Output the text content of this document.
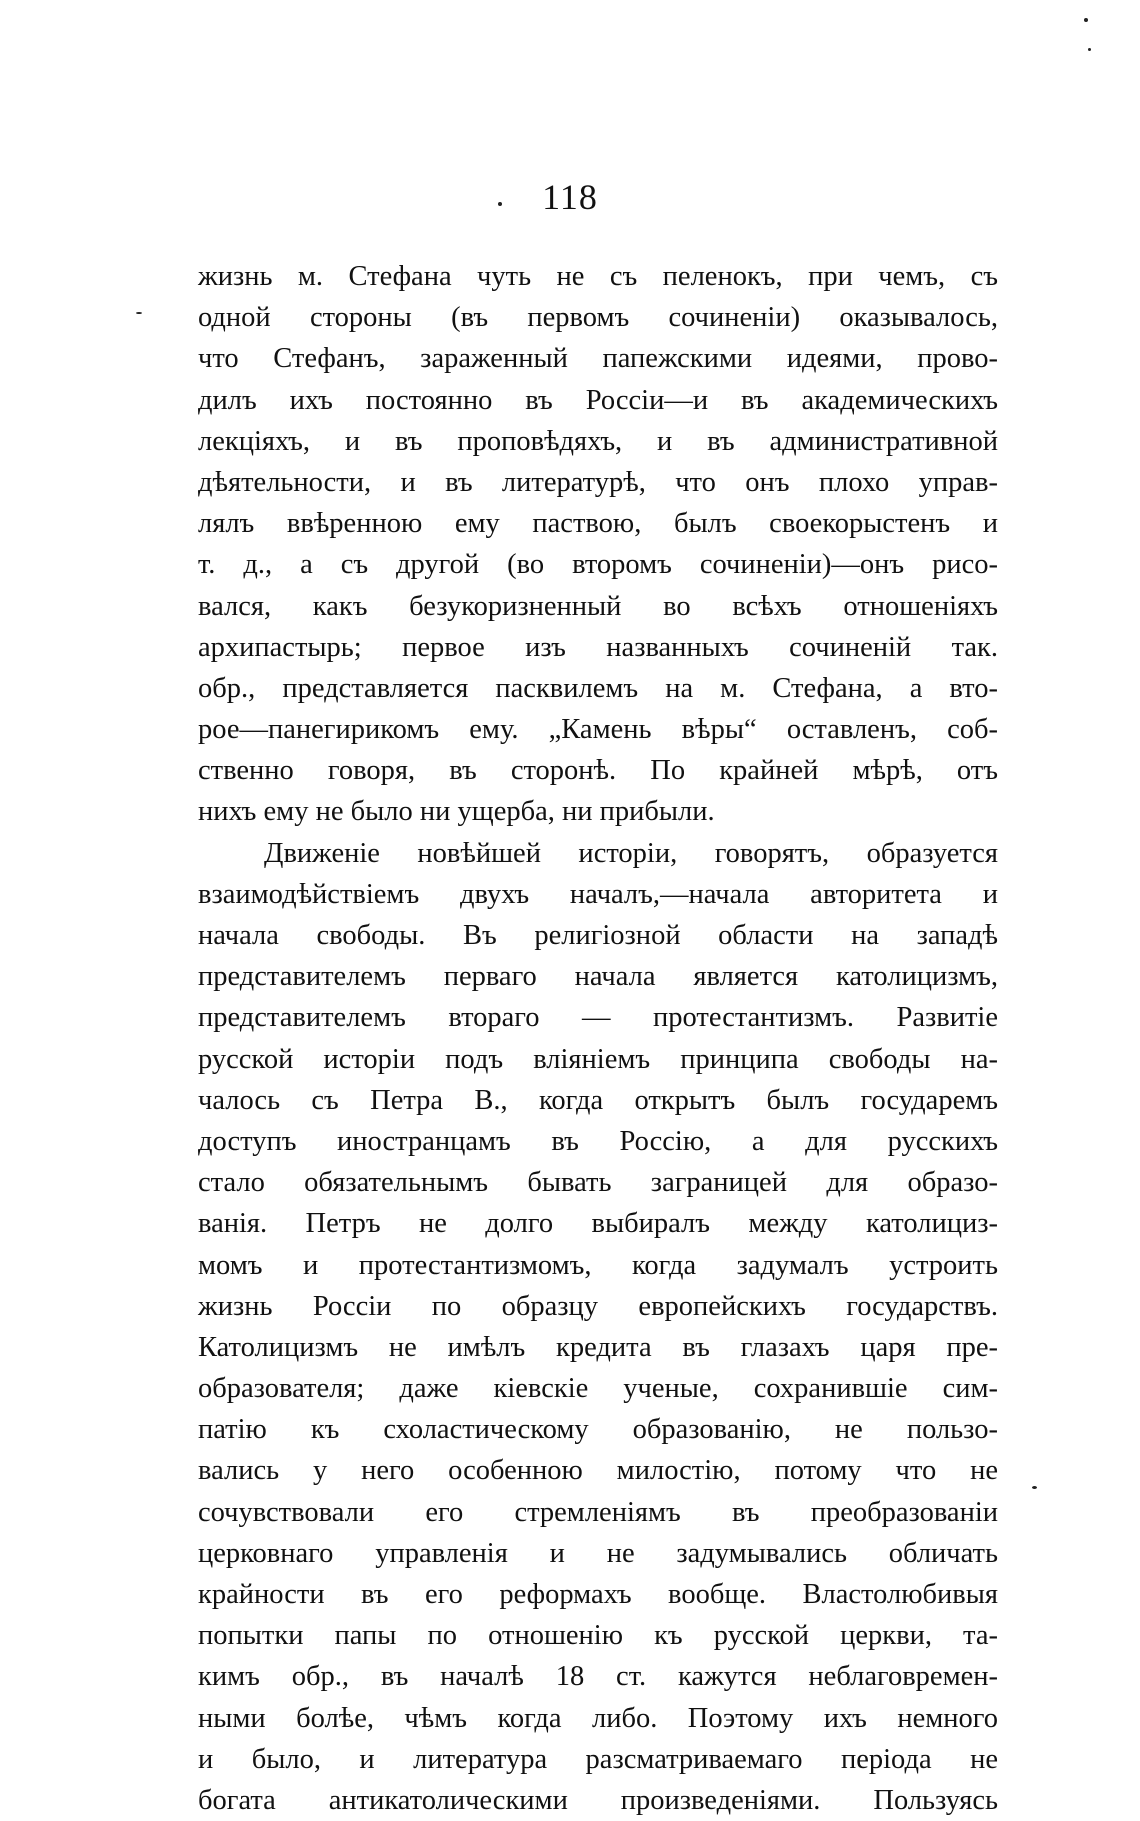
118
жизнь м. Стефана чуть не съ пеленокъ, при чемъ, съ
одной стороны (въ первомъ сочиненіи) оказывалось,
что Стефанъ, зараженный папежскими идеями, прово-
дилъ ихъ постоянно въ Россіи—и въ академическихъ
лекціяхъ, и въ проповѣдяхъ, и въ административной
дѣятельности, и въ литературѣ, что онъ плохо управ-
лялъ ввѣренною ему паствою, былъ своекорыстенъ и
т. д., а съ другой (во второмъ сочиненіи)—онъ рисо-
вался, какъ безукоризненный во всѣхъ отношеніяхъ
архипастырь; первое изъ названныхъ сочиненій так.
обр., представляется пасквилемъ на м. Стефана, а вто-
рое—панегирикомъ ему. „Камень вѣры“ оставленъ, соб-
ственно говоря, въ сторонѣ. По крайней мѣрѣ, отъ
нихъ ему не было ни ущерба, ни прибыли.
Движеніе новѣйшей исторіи, говорятъ, образуется
взаимодѣйствіемъ двухъ началъ,—начала авторитета и
начала свободы. Въ религіозной области на западѣ
представителемъ перваго начала является католицизмъ,
представителемъ втораго — протестантизмъ. Развитіе
русской исторіи подъ вліяніемъ принципа свободы на-
чалось съ Петра В., когда открытъ былъ государемъ
доступъ иностранцамъ въ Россію, а для русскихъ
стало обязательнымъ бывать заграницей для образо-
ванія. Петръ не долго выбиралъ между католициз-
момъ и протестантизмомъ, когда задумалъ устроить
жизнь Россіи по образцу европейскихъ государствъ.
Католицизмъ не имѣлъ кредита въ глазахъ царя пре-
образователя; даже кіевскіе ученые, сохранившіе сим-
патію къ схоластическому образованію, не пользо-
вались у него особенною милостію, потому что не
сочувствовали его стремленіямъ въ преобразованіи
церковнаго управленія и не задумывались обличать
крайности въ его реформахъ вообще. Властолюбивыя
попытки папы по отношенію къ русской церкви, та-
кимъ обр., въ началѣ 18 ст. кажутся неблаговремен-
ными болѣе, чѣмъ когда либо. Поэтому ихъ немного
и было, и литература разсматриваемаго періода не
богата антикатолическими произведеніями. Пользуясь
